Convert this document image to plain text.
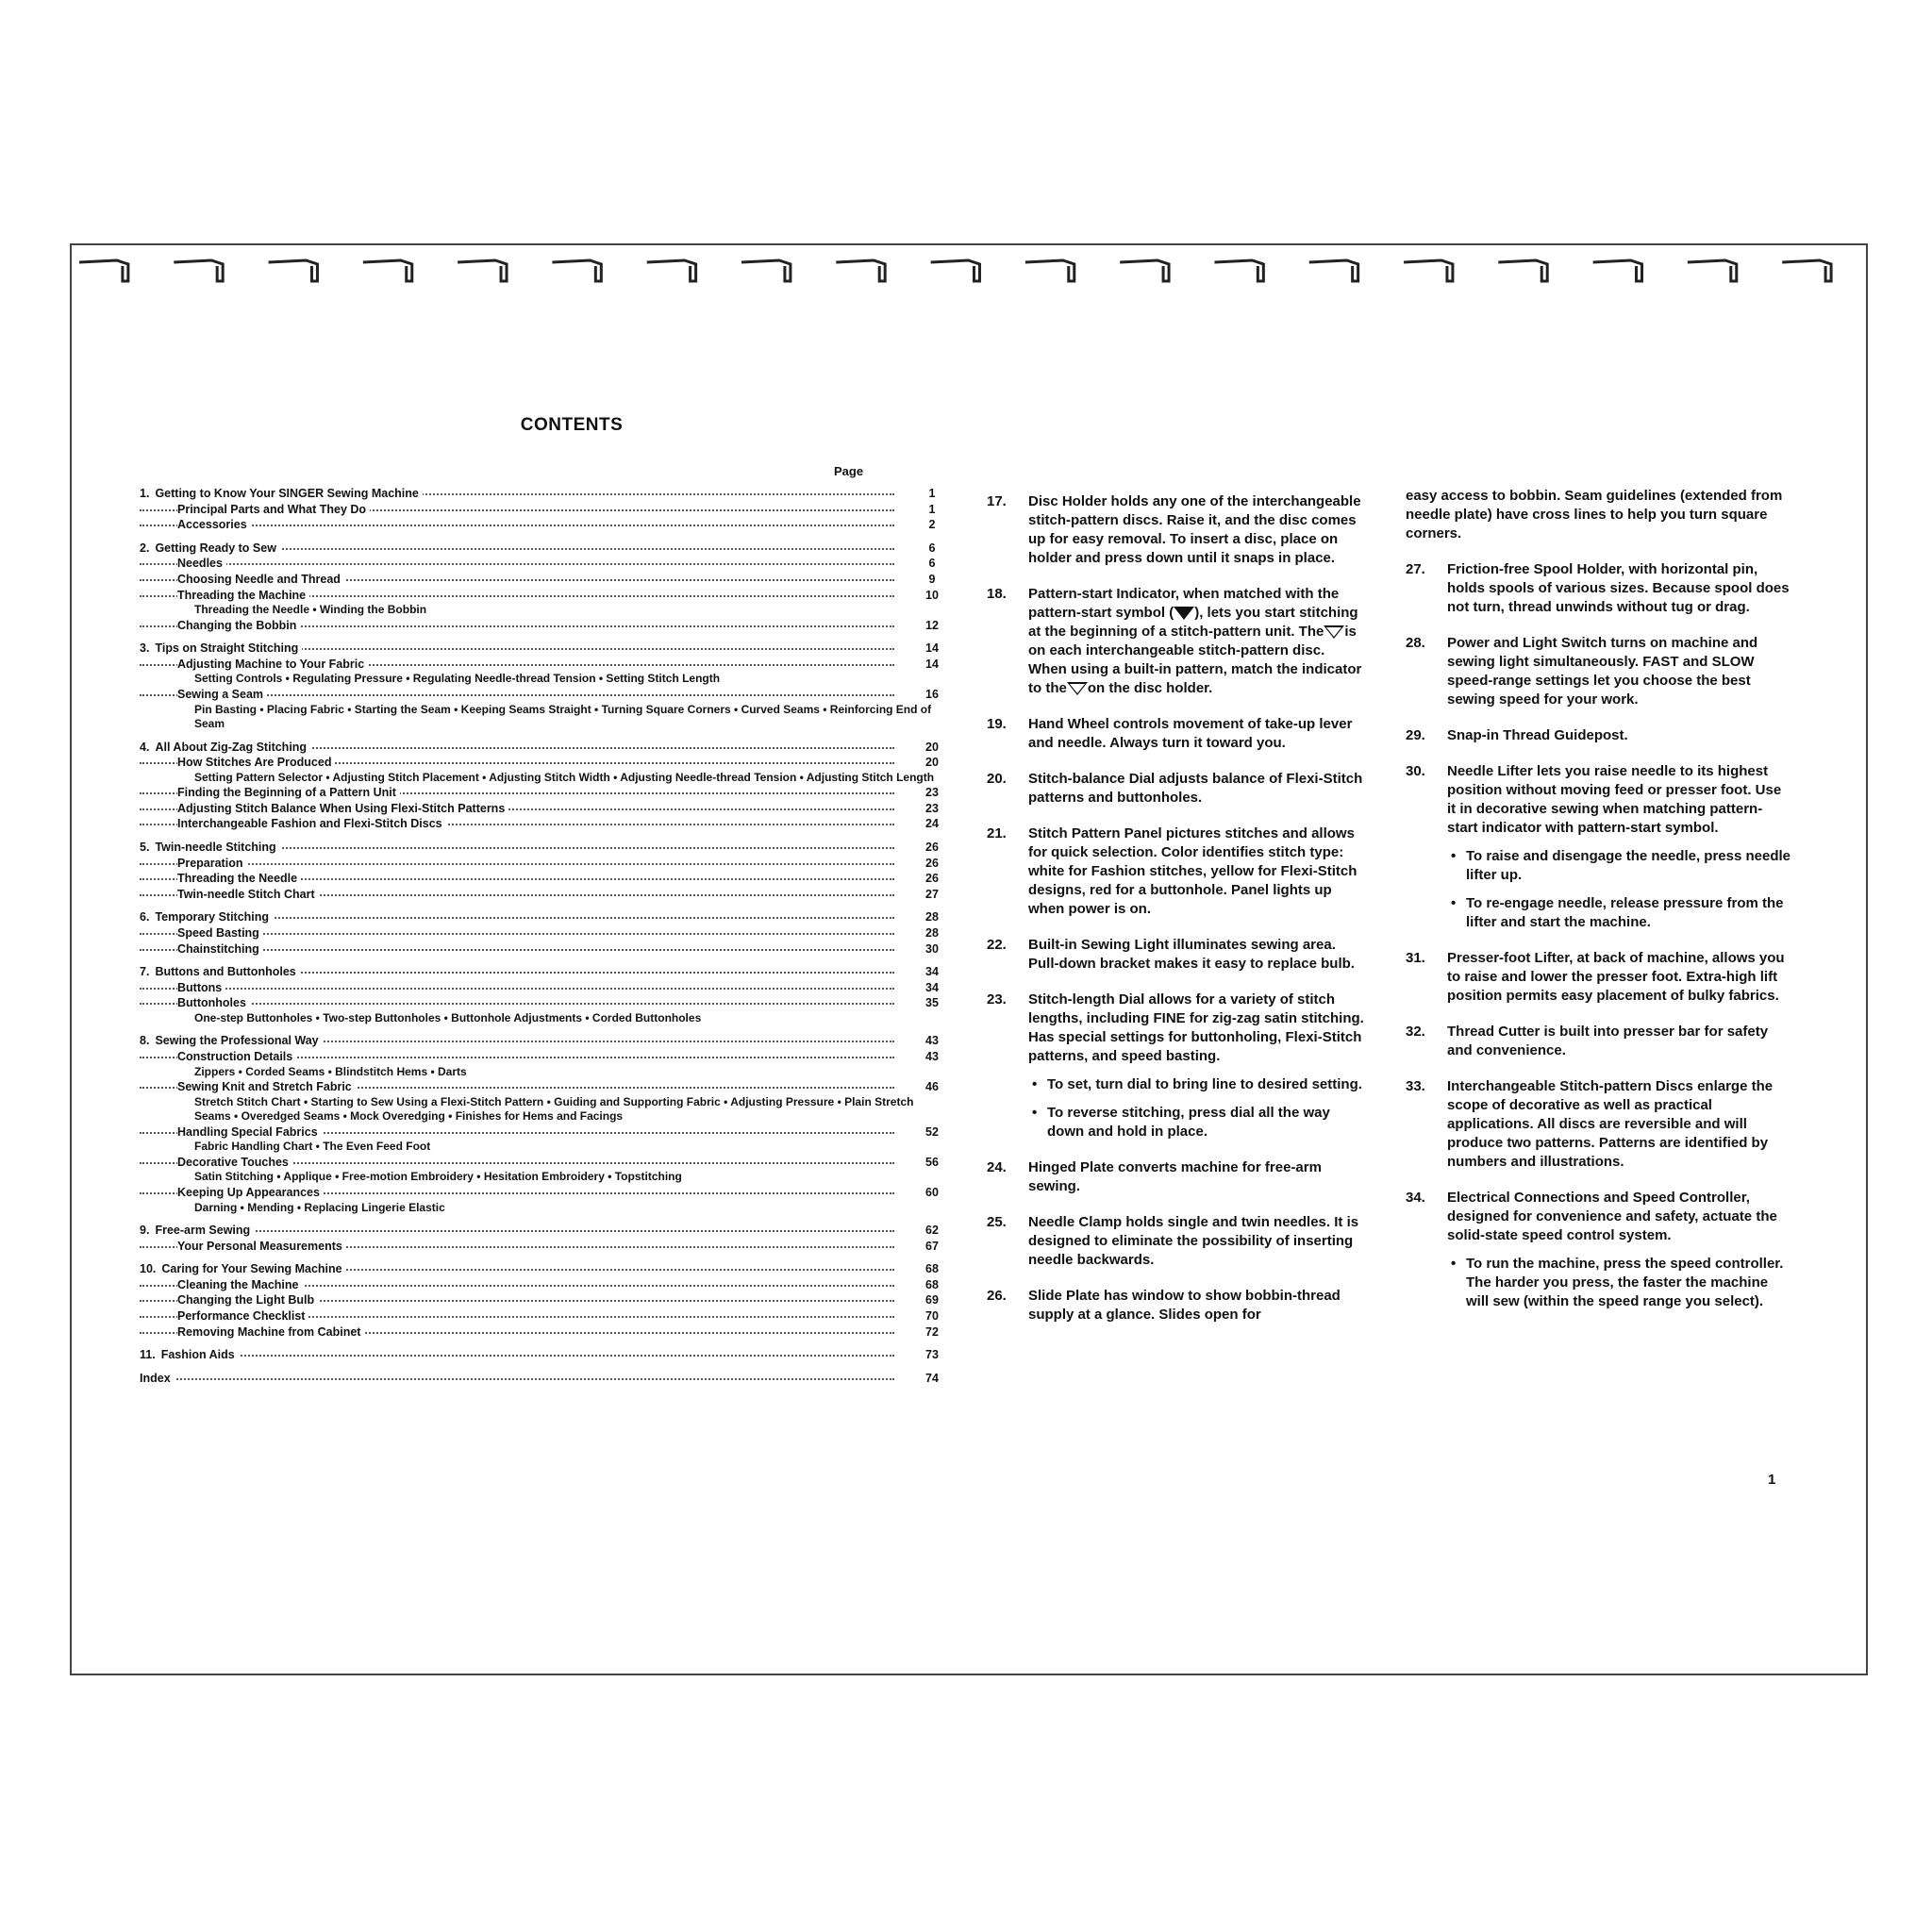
CONTENTS
Page
1. Getting to Know Your SINGER Sewing Machine	1
Principal Parts and What They Do	1
Accessories	2
2. Getting Ready to Sew	6
Needles	6
Choosing Needle and Thread	9
Threading the Machine	10
Threading the Needle • Winding the Bobbin
Changing the Bobbin	12
3. Tips on Straight Stitching	14
Adjusting Machine to Your Fabric	14
Setting Controls • Regulating Pressure • Regulating Needle-thread Tension • Setting Stitch Length
Sewing a Seam	16
Pin Basting • Placing Fabric • Starting the Seam • Keeping Seams Straight • Turning Square Corners • Curved Seams • Reinforcing End of Seam
4. All About Zig-Zag Stitching	20
How Stitches Are Produced	20
Setting Pattern Selector • Adjusting Stitch Placement • Adjusting Stitch Width • Adjusting Needle-thread Tension • Adjusting Stitch Length
Finding the Beginning of a Pattern Unit	23
Adjusting Stitch Balance When Using Flexi-Stitch Patterns	23
Interchangeable Fashion and Flexi-Stitch Discs	24
5. Twin-needle Stitching	26
Preparation	26
Threading the Needle	26
Twin-needle Stitch Chart	27
6. Temporary Stitching	28
Speed Basting	28
Chainstitching	30
7. Buttons and Buttonholes	34
Buttons	34
Buttonholes	35
One-step Buttonholes • Two-step Buttonholes • Buttonhole Adjustments • Corded Buttonholes
8. Sewing the Professional Way	43
Construction Details	43
Zippers • Corded Seams • Blindstitch Hems • Darts
Sewing Knit and Stretch Fabric	46
Stretch Stitch Chart • Starting to Sew Using a Flexi-Stitch Pattern • Guiding and Supporting Fabric • Adjusting Pressure • Plain Stretch Seams • Overedged Seams • Mock Overedging • Finishes for Hems and Facings
Handling Special Fabrics	52
Fabric Handling Chart • The Even Feed Foot
Decorative Touches	56
Satin Stitching • Applique • Free-motion Embroidery • Hesitation Embroidery • Topstitching
Keeping Up Appearances	60
Darning • Mending • Replacing Lingerie Elastic
9. Free-arm Sewing	62
Your Personal Measurements	67
10. Caring for Your Sewing Machine	68
Cleaning the Machine	68
Changing the Light Bulb	69
Performance Checklist	70
Removing Machine from Cabinet	72
11. Fashion Aids	73
Index	74
17. Disc Holder holds any one of the interchangeable stitch-pattern discs. Raise it, and the disc comes up for easy removal. To insert a disc, place on holder and press down until it snaps in place.
18. Pattern-start Indicator, when matched with the pattern-start symbol ( ), lets you start stitching at the beginning of a stitch-pattern unit. The is on each interchangeable stitch-pattern disc. When using a built-in pattern, match the indicator to the on the disc holder.
19. Hand Wheel controls movement of take-up lever and needle. Always turn it toward you.
20. Stitch-balance Dial adjusts balance of Flexi-Stitch patterns and buttonholes.
21. Stitch Pattern Panel pictures stitches and allows for quick selection. Color identifies stitch type: white for Fashion stitches, yellow for Flexi-Stitch designs, red for a buttonhole. Panel lights up when power is on.
22. Built-in Sewing Light illuminates sewing area. Pull-down bracket makes it easy to replace bulb.
23. Stitch-length Dial allows for a variety of stitch lengths, including FINE for zig-zag satin stitching. Has special settings for buttonholing, Flexi-Stitch patterns, and speed basting.
• To set, turn dial to bring line to desired setting.
• To reverse stitching, press dial all the way down and hold in place.
24. Hinged Plate converts machine for free-arm sewing.
25. Needle Clamp holds single and twin needles. It is designed to eliminate the possibility of inserting needle backwards.
26. Slide Plate has window to show bobbin-thread supply at a glance. Slides open for
easy access to bobbin. Seam guidelines (extended from needle plate) have cross lines to help you turn square corners.
27. Friction-free Spool Holder, with horizontal pin, holds spools of various sizes. Because spool does not turn, thread unwinds without tug or drag.
28. Power and Light Switch turns on machine and sewing light simultaneously. FAST and SLOW speed-range settings let you choose the best sewing speed for your work.
29. Snap-in Thread Guidepost.
30. Needle Lifter lets you raise needle to its highest position without moving feed or presser foot. Use it in decorative sewing when matching pattern-start indicator with pattern-start symbol.
• To raise and disengage the needle, press needle lifter up.
• To re-engage needle, release pressure from the lifter and start the machine.
31. Presser-foot Lifter, at back of machine, allows you to raise and lower the presser foot. Extra-high lift position permits easy placement of bulky fabrics.
32. Thread Cutter is built into presser bar for safety and convenience.
33. Interchangeable Stitch-pattern Discs enlarge the scope of decorative as well as practical applications. All discs are reversible and will produce two patterns. Patterns are identified by numbers and illustrations.
34. Electrical Connections and Speed Controller, designed for convenience and safety, actuate the solid-state speed control system.
• To run the machine, press the speed controller. The harder you press, the faster the machine will sew (within the speed range you select).
1
